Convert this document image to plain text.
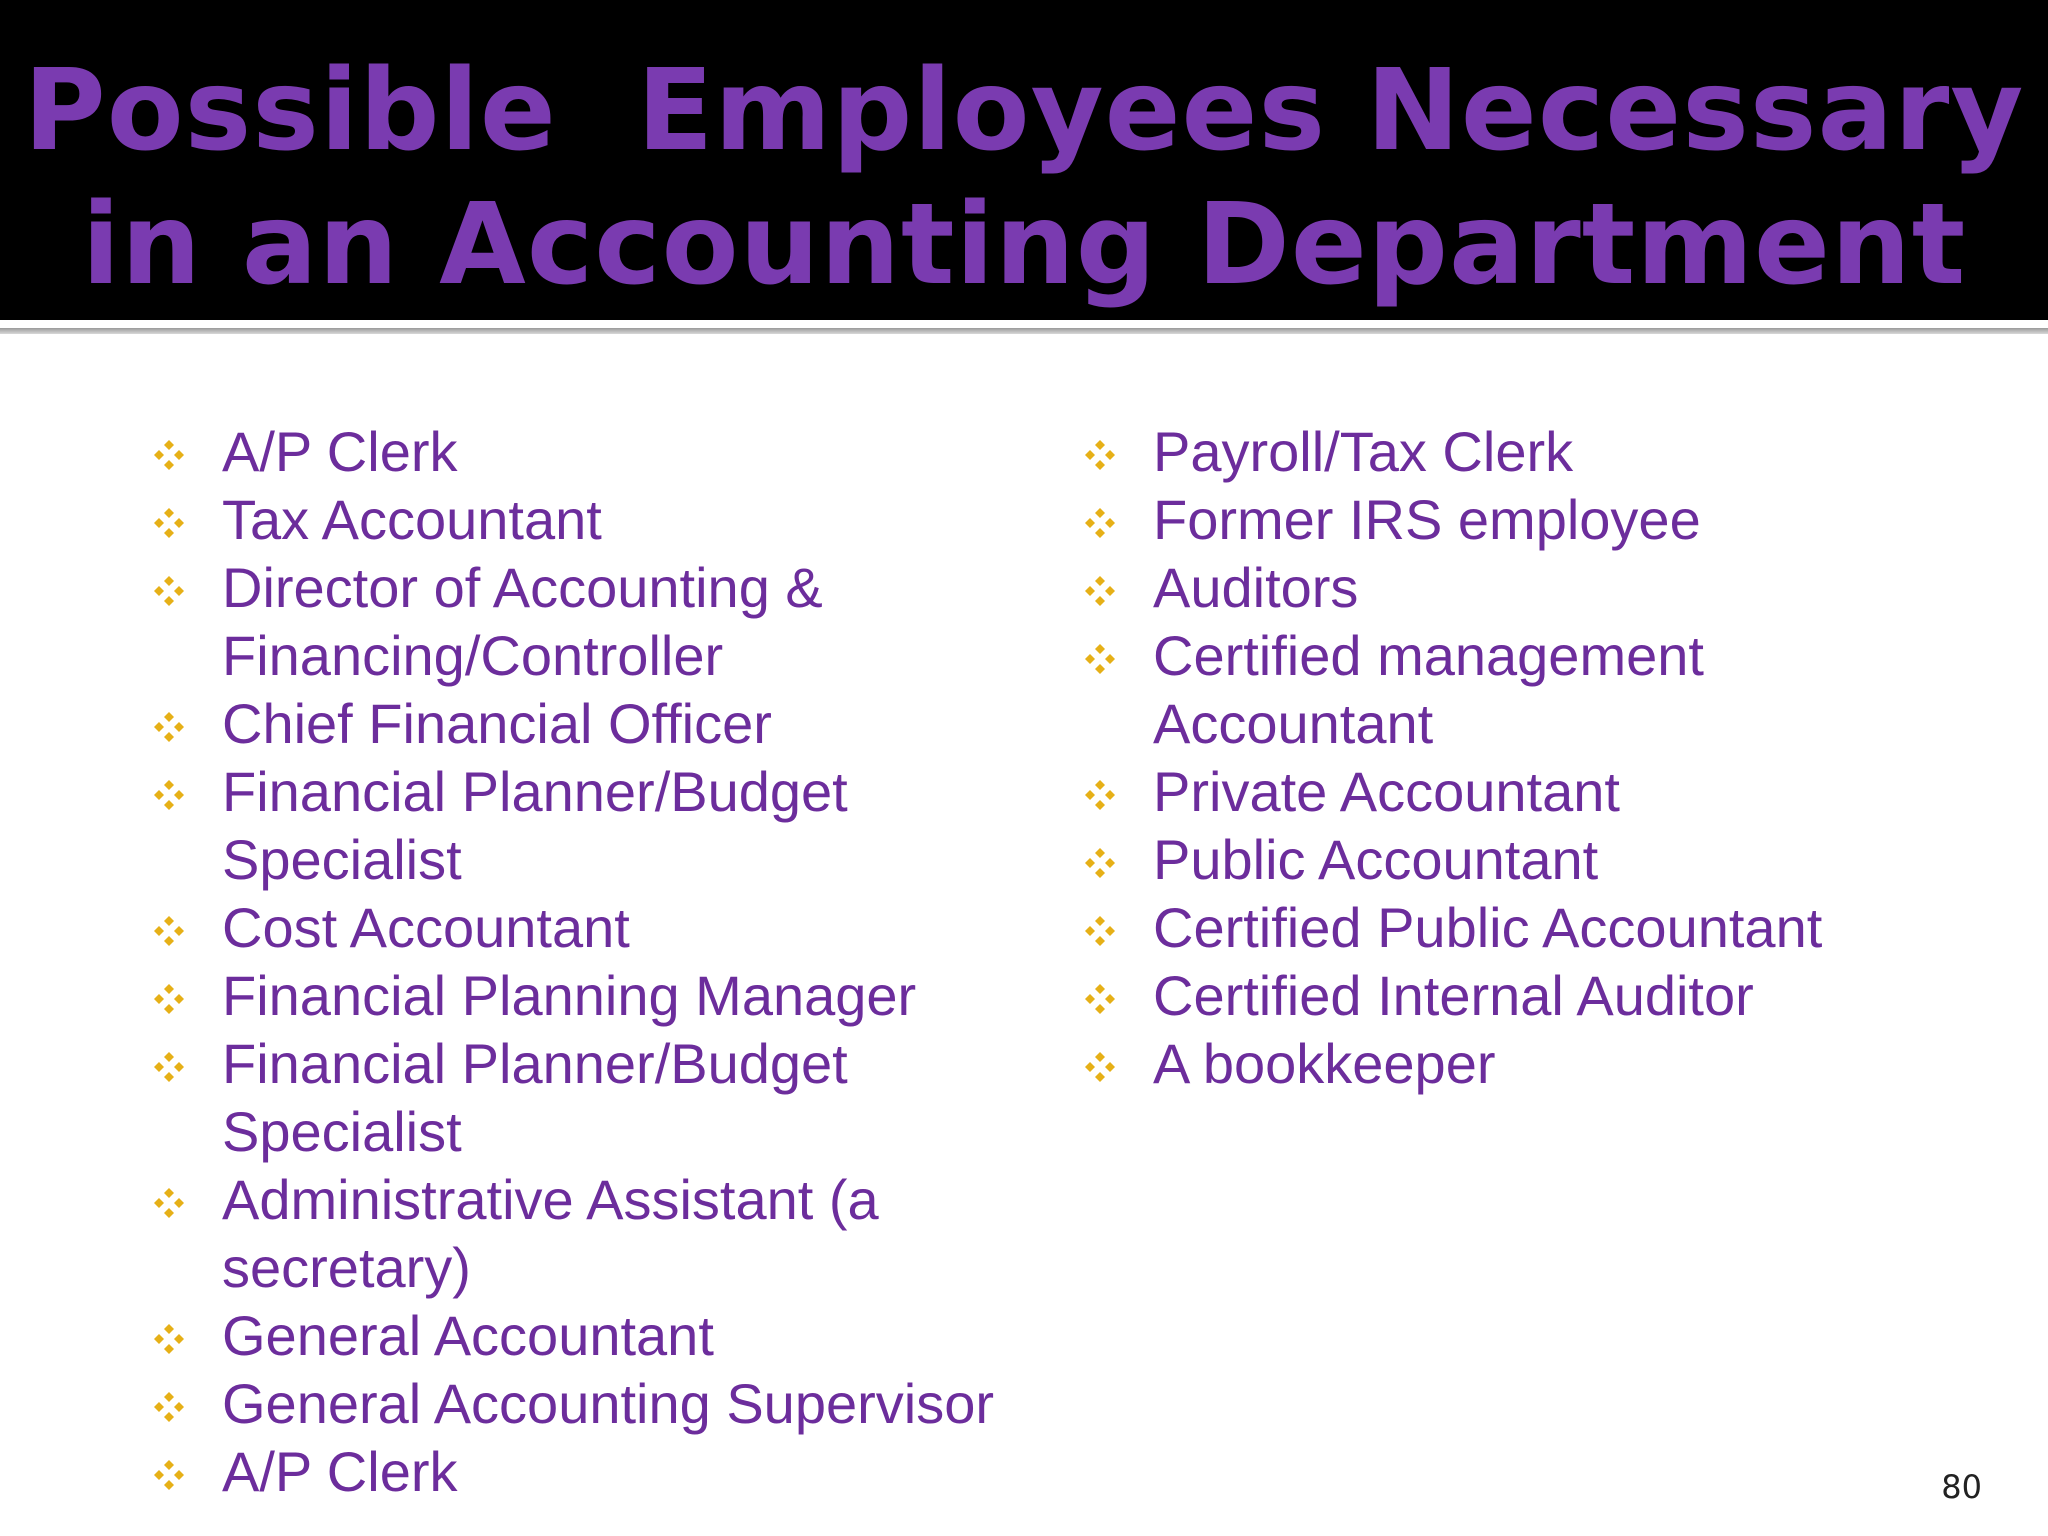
Possible  Employees Necessary
in an Accounting Department
A/P Clerk
Tax Accountant
Director of Accounting & Financing/Controller
Chief Financial Officer
Financial Planner/Budget Specialist
Cost Accountant
Financial Planning Manager
Financial Planner/Budget Specialist
Administrative Assistant (a secretary)
General Accountant
General Accounting Supervisor
A/P Clerk
Payroll/Tax Clerk
Former IRS employee
Auditors
Certified management Accountant
Private Accountant
Public Accountant
Certified Public Accountant
Certified Internal Auditor
A bookkeeper
80
